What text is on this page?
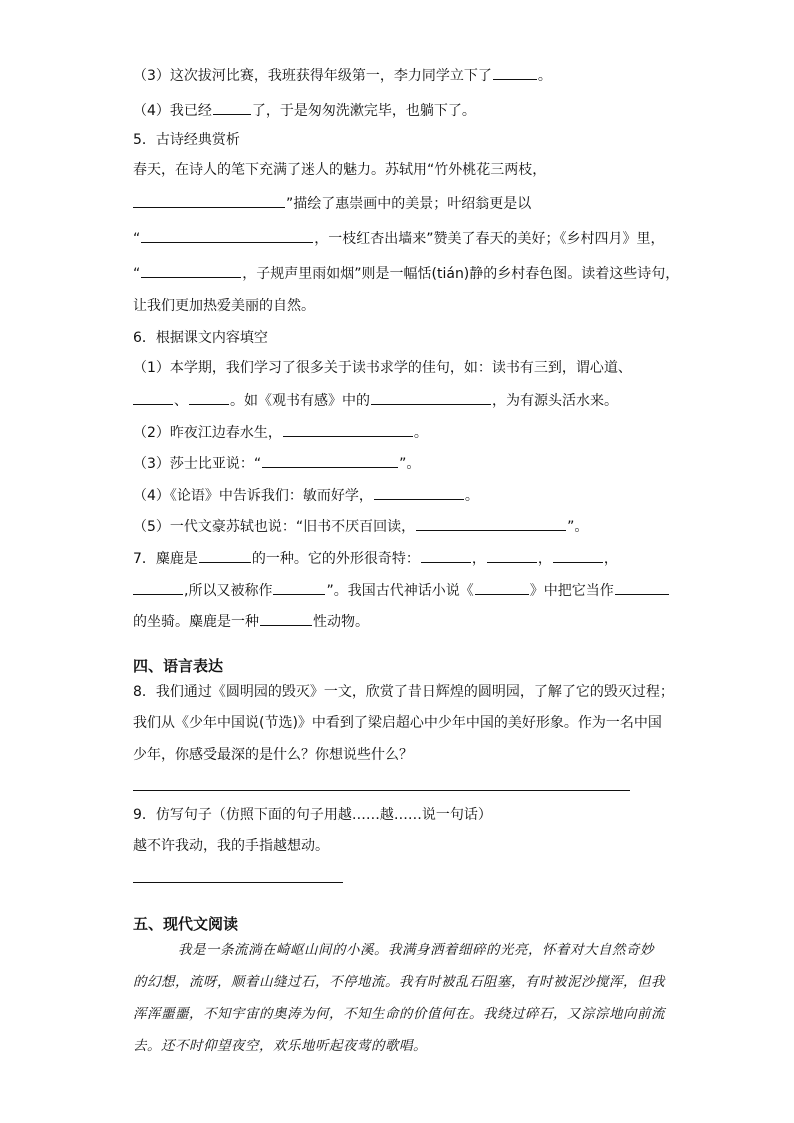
（3）这次拔河比赛，我班获得年级第一，李力同学立下了	。
（4）我已经	了，于是匆匆洗漱完毕，也躺下了。
5．古诗经典赏析
春天，在诗人的笔下充满了迷人的魅力。苏轼用“竹外桃花三两枝，
”描绘了惠崇画中的美景；叶绍翁更是以
“	，一枝红杏出墙来”赞美了春天的美好；《乡村四月》里，
“	，子规声里雨如烟”则是一幅恬(tián)静的乡村春色图。读着这些诗句，
让我们更加热爱美丽的自然。
6．根据课文内容填空
（1）本学期，我们学习了很多关于读书求学的佳句，如：读书有三到，谓心道、
、	。如《观书有感》中的	，为有源头活水来。
（2）昨夜江边春水生，	。
（3）莎士比亚说：“	”。
（4）《论语》中告诉我们：敏而好学，	。
（5）一代文豪苏轼也说：“旧书不厌百回读，	”。
7．麋鹿是	的一种。它的外形很奇特：	，	，	，
,所以又被称作	”。我国古代神话小说《	》中把它当作
的坐骑。麋鹿是一种	性动物。
四、语言表达
8．我们通过《圆明园的毁灭》一文，欣赏了昔日辉煌的圆明园，了解了它的毁灭过程；
我们从《少年中国说(节选)》中看到了梁启超心中少年中国的美好形象。作为一名中国
少年，你感受最深的是什么？你想说些什么？
9．仿写句子（仿照下面的句子用越……越……说一句话）
越不许我动，我的手指越想动。
五、现代文阅读
我是一条流淌在崎岖山间的小溪。我满身洒着细碎的光亮，怀着对大自然奇妙
的幻想，流呀，顺着山缝过石，不停地流。我有时被乱石阻塞，有时被泥沙搅浑，但我
浑浑噩噩，不知宇宙的奥涛为何，不知生命的价值何在。我绕过碎石，又淙淙地向前流
去。还不时仰望夜空，欢乐地听起夜莺的歌唱。
